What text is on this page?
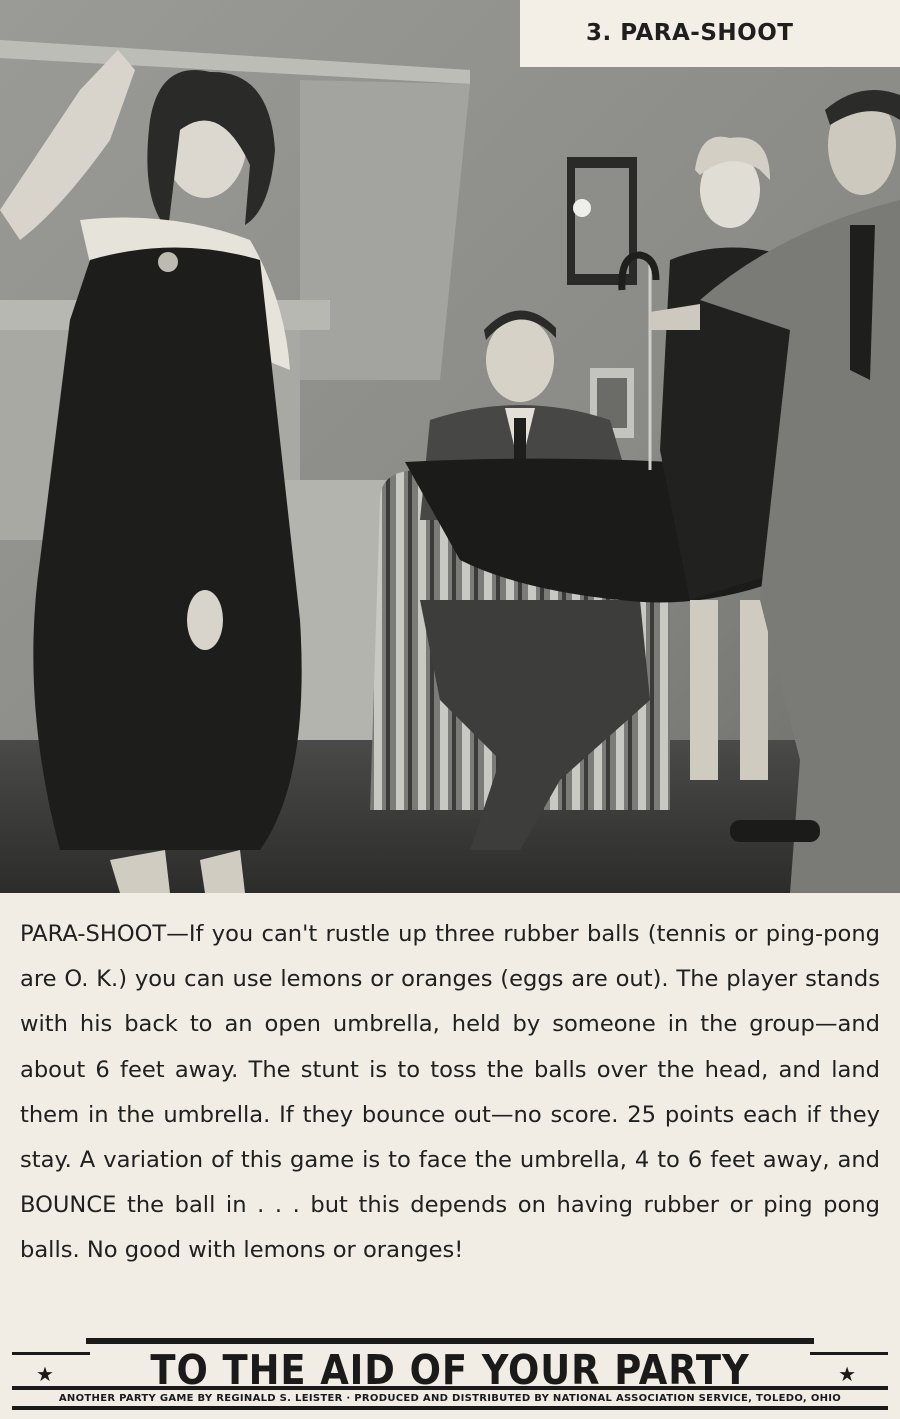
3. PARA-SHOOT

PARA-SHOOT—If you can't rustle up three rubber balls (tennis or ping-pong are O. K.) you can use lemons or oranges (eggs are out). The player stands with his back to an open umbrella, held by someone in the group—and about 6 feet away. The stunt is to toss the balls over the head, and land them in the umbrella. If they bounce out—no score. 25 points each if they stay. A variation of this game is to face the umbrella, 4 to 6 feet away, and BOUNCE the ball in . . . but this depends on having rubber or ping pong balls. No good with lemons or oranges!

★	★
TO THE AID OF YOUR PARTY
ANOTHER PARTY GAME BY REGINALD S. LEISTER · PRODUCED AND DISTRIBUTED BY NATIONAL ASSOCIATION SERVICE, TOLEDO, OHIO
